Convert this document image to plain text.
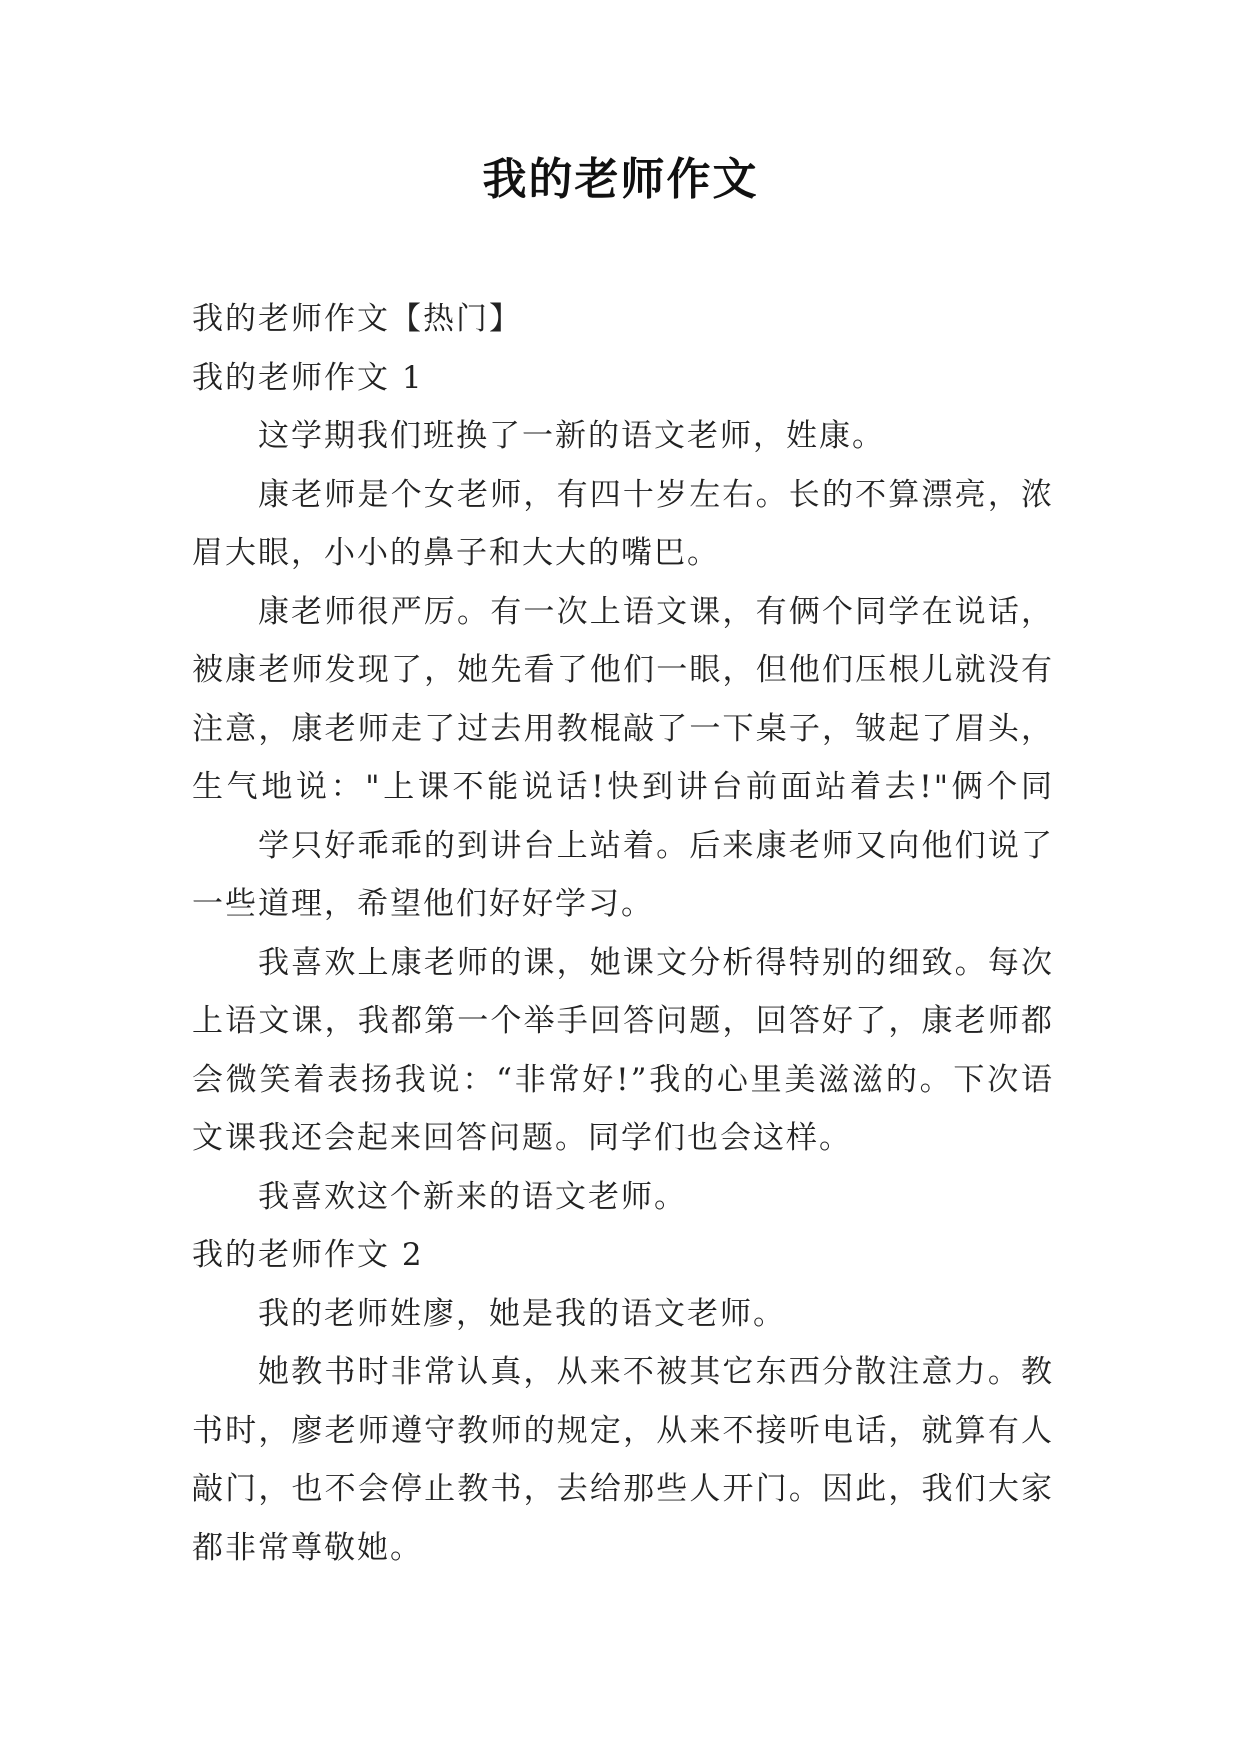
我的老师作文
我的老师作文【热门】
我的老师作文 1
这学期我们班换了一新的语文老师，姓康。
康老师是个女老师，有四十岁左右。长的不算漂亮，浓
眉大眼，小小的鼻子和大大的嘴巴。
康老师很严厉。有一次上语文课，有俩个同学在说话，
被康老师发现了，她先看了他们一眼，但他们压根儿就没有
注意，康老师走了过去用教棍敲了一下桌子，皱起了眉头，
生气地说："上课不能说话!快到讲台前面站着去!"俩个同
学只好乖乖的到讲台上站着。后来康老师又向他们说了
一些道理，希望他们好好学习。
我喜欢上康老师的课，她课文分析得特别的细致。每次
上语文课，我都第一个举手回答问题，回答好了，康老师都
会微笑着表扬我说：“非常好!”我的心里美滋滋的。下次语
文课我还会起来回答问题。同学们也会这样。
我喜欢这个新来的语文老师。
我的老师作文 2
我的老师姓廖，她是我的语文老师。
她教书时非常认真，从来不被其它东西分散注意力。教
书时，廖老师遵守教师的规定，从来不接听电话，就算有人
敲门，也不会停止教书，去给那些人开门。因此，我们大家
都非常尊敬她。
